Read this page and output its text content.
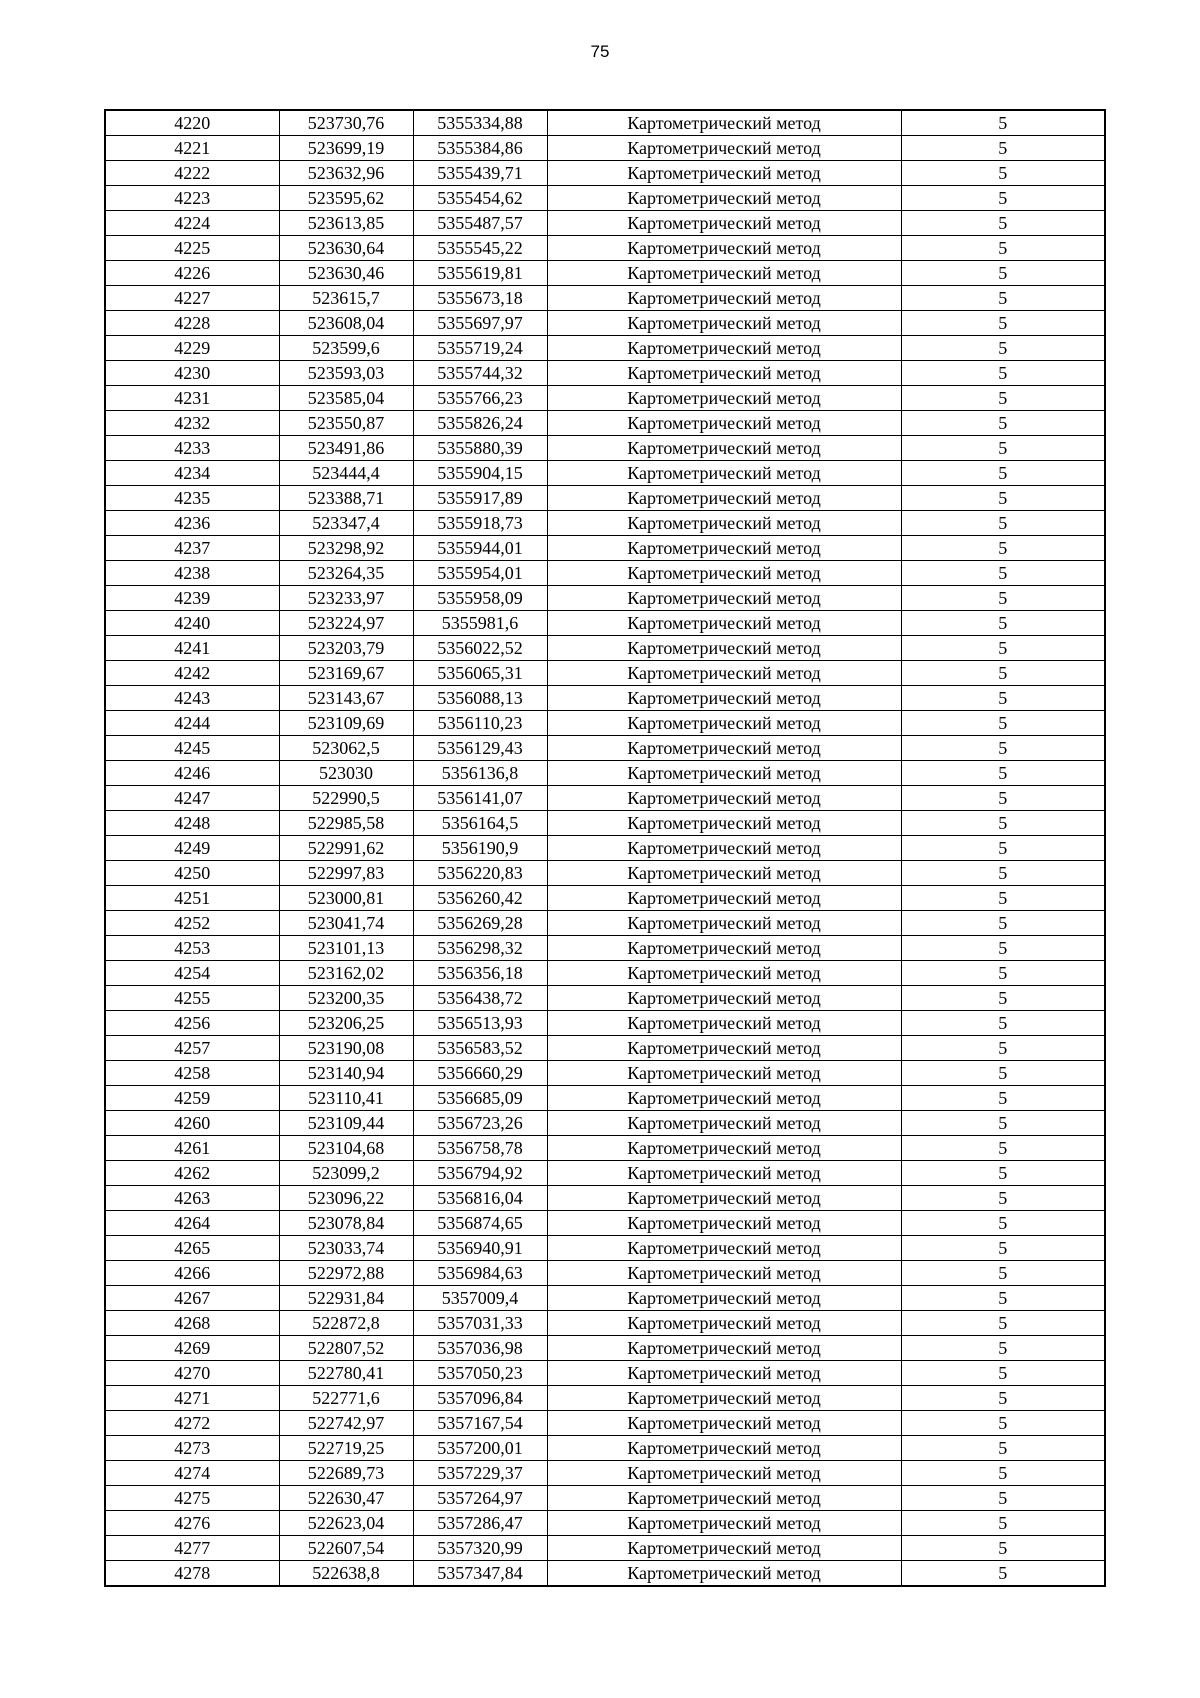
75
4220	523730,76	5355334,88	Картометрический метод	5
4221	523699,19	5355384,86	Картометрический метод	5
4222	523632,96	5355439,71	Картометрический метод	5
4223	523595,62	5355454,62	Картометрический метод	5
4224	523613,85	5355487,57	Картометрический метод	5
4225	523630,64	5355545,22	Картометрический метод	5
4226	523630,46	5355619,81	Картометрический метод	5
4227	523615,7	5355673,18	Картометрический метод	5
4228	523608,04	5355697,97	Картометрический метод	5
4229	523599,6	5355719,24	Картометрический метод	5
4230	523593,03	5355744,32	Картометрический метод	5
4231	523585,04	5355766,23	Картометрический метод	5
4232	523550,87	5355826,24	Картометрический метод	5
4233	523491,86	5355880,39	Картометрический метод	5
4234	523444,4	5355904,15	Картометрический метод	5
4235	523388,71	5355917,89	Картометрический метод	5
4236	523347,4	5355918,73	Картометрический метод	5
4237	523298,92	5355944,01	Картометрический метод	5
4238	523264,35	5355954,01	Картометрический метод	5
4239	523233,97	5355958,09	Картометрический метод	5
4240	523224,97	5355981,6	Картометрический метод	5
4241	523203,79	5356022,52	Картометрический метод	5
4242	523169,67	5356065,31	Картометрический метод	5
4243	523143,67	5356088,13	Картометрический метод	5
4244	523109,69	5356110,23	Картометрический метод	5
4245	523062,5	5356129,43	Картометрический метод	5
4246	523030	5356136,8	Картометрический метод	5
4247	522990,5	5356141,07	Картометрический метод	5
4248	522985,58	5356164,5	Картометрический метод	5
4249	522991,62	5356190,9	Картометрический метод	5
4250	522997,83	5356220,83	Картометрический метод	5
4251	523000,81	5356260,42	Картометрический метод	5
4252	523041,74	5356269,28	Картометрический метод	5
4253	523101,13	5356298,32	Картометрический метод	5
4254	523162,02	5356356,18	Картометрический метод	5
4255	523200,35	5356438,72	Картометрический метод	5
4256	523206,25	5356513,93	Картометрический метод	5
4257	523190,08	5356583,52	Картометрический метод	5
4258	523140,94	5356660,29	Картометрический метод	5
4259	523110,41	5356685,09	Картометрический метод	5
4260	523109,44	5356723,26	Картометрический метод	5
4261	523104,68	5356758,78	Картометрический метод	5
4262	523099,2	5356794,92	Картометрический метод	5
4263	523096,22	5356816,04	Картометрический метод	5
4264	523078,84	5356874,65	Картометрический метод	5
4265	523033,74	5356940,91	Картометрический метод	5
4266	522972,88	5356984,63	Картометрический метод	5
4267	522931,84	5357009,4	Картометрический метод	5
4268	522872,8	5357031,33	Картометрический метод	5
4269	522807,52	5357036,98	Картометрический метод	5
4270	522780,41	5357050,23	Картометрический метод	5
4271	522771,6	5357096,84	Картометрический метод	5
4272	522742,97	5357167,54	Картометрический метод	5
4273	522719,25	5357200,01	Картометрический метод	5
4274	522689,73	5357229,37	Картометрический метод	5
4275	522630,47	5357264,97	Картометрический метод	5
4276	522623,04	5357286,47	Картометрический метод	5
4277	522607,54	5357320,99	Картометрический метод	5
4278	522638,8	5357347,84	Картометрический метод	5
